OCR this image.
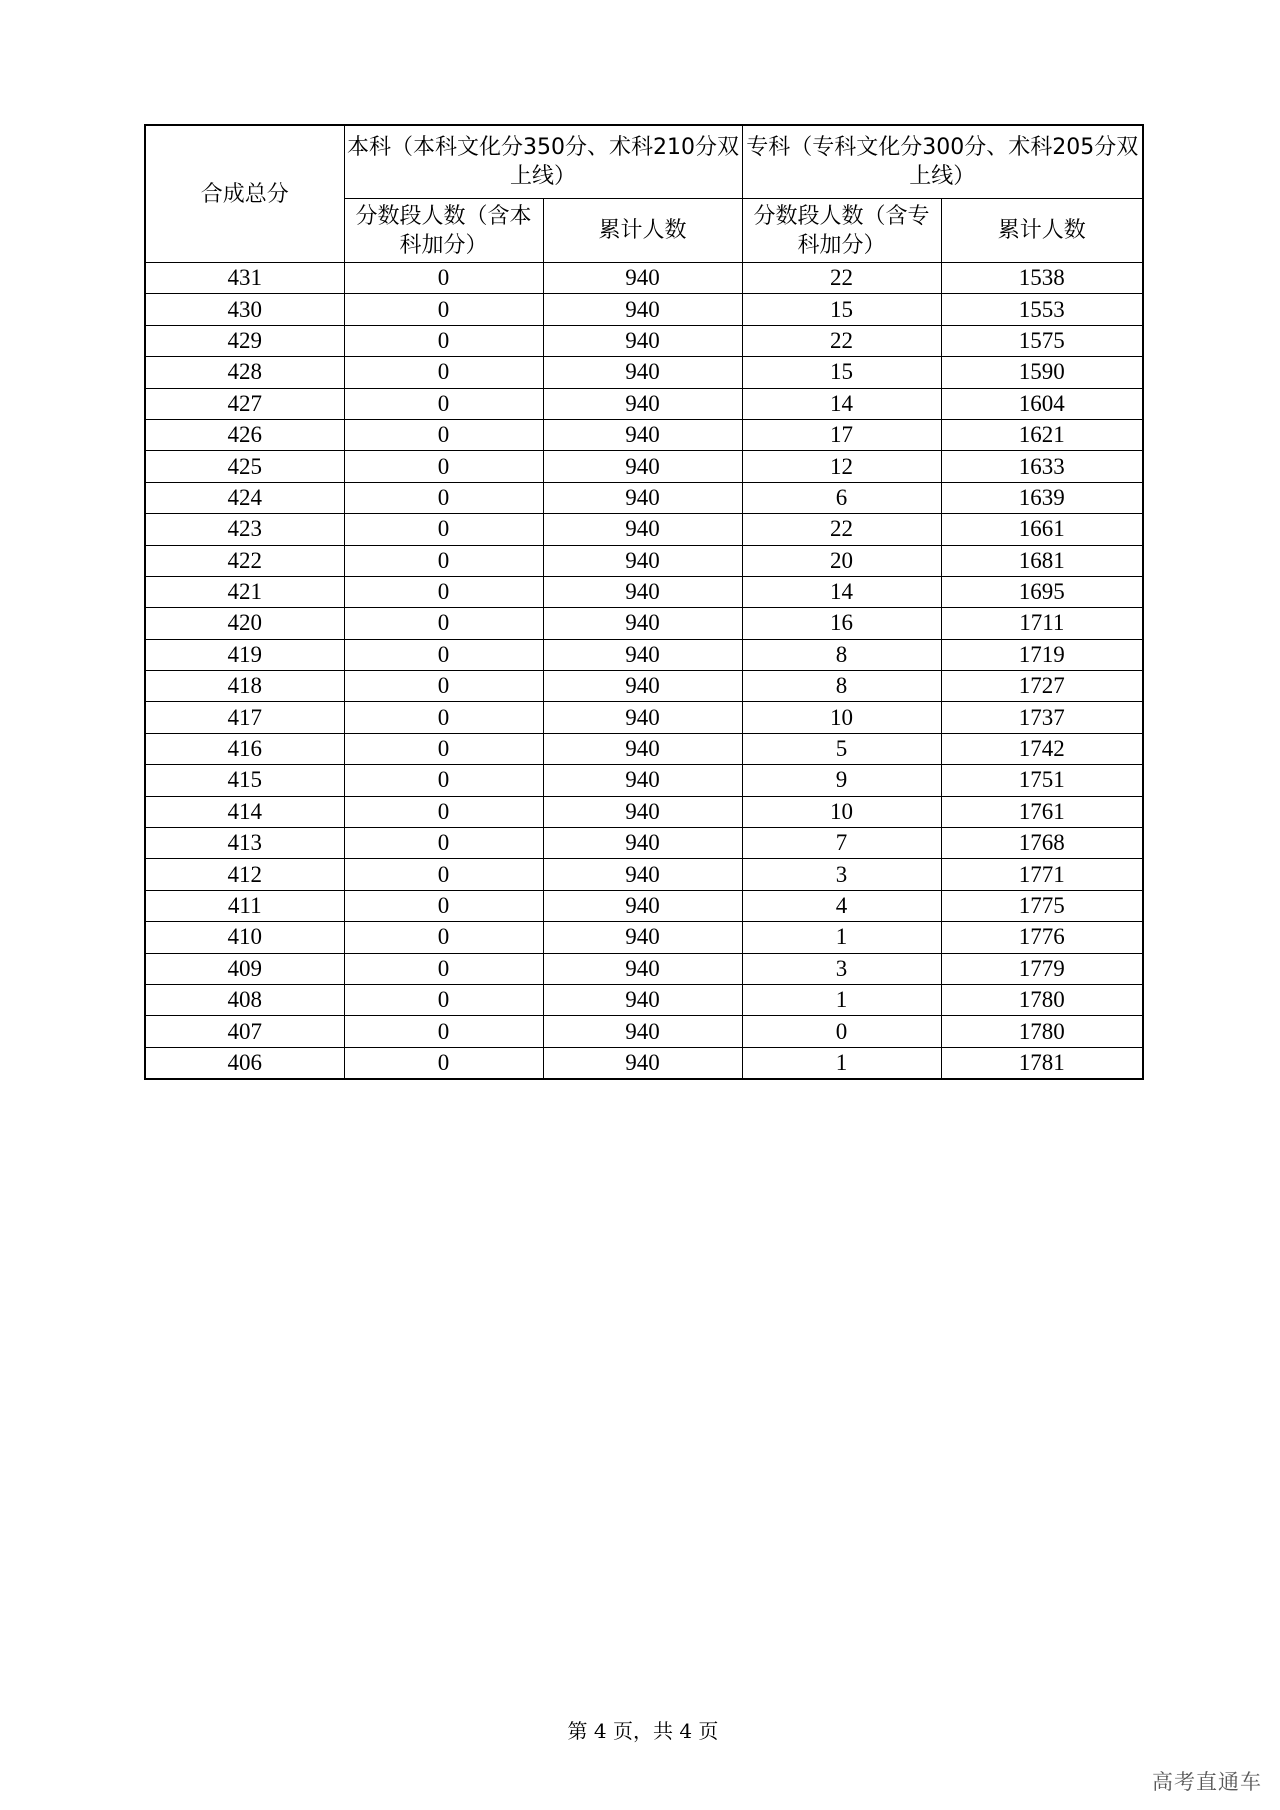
合成总分	本科（本科文化分350分、术科210分双上线）		专科（专科文化分300分、术科205分双上线）	
	分数段人数（含本科加分）	累计人数	分数段人数（含专科加分）	累计人数
431	0	940	22	1538
430	0	940	15	1553
429	0	940	22	1575
428	0	940	15	1590
427	0	940	14	1604
426	0	940	17	1621
425	0	940	12	1633
424	0	940	6	1639
423	0	940	22	1661
422	0	940	20	1681
421	0	940	14	1695
420	0	940	16	1711
419	0	940	8	1719
418	0	940	8	1727
417	0	940	10	1737
416	0	940	5	1742
415	0	940	9	1751
414	0	940	10	1761
413	0	940	7	1768
412	0	940	3	1771
411	0	940	4	1775
410	0	940	1	1776
409	0	940	3	1779
408	0	940	1	1780
407	0	940	0	1780
406	0	940	1	1781
第 4 页，共 4 页
高考直通车
